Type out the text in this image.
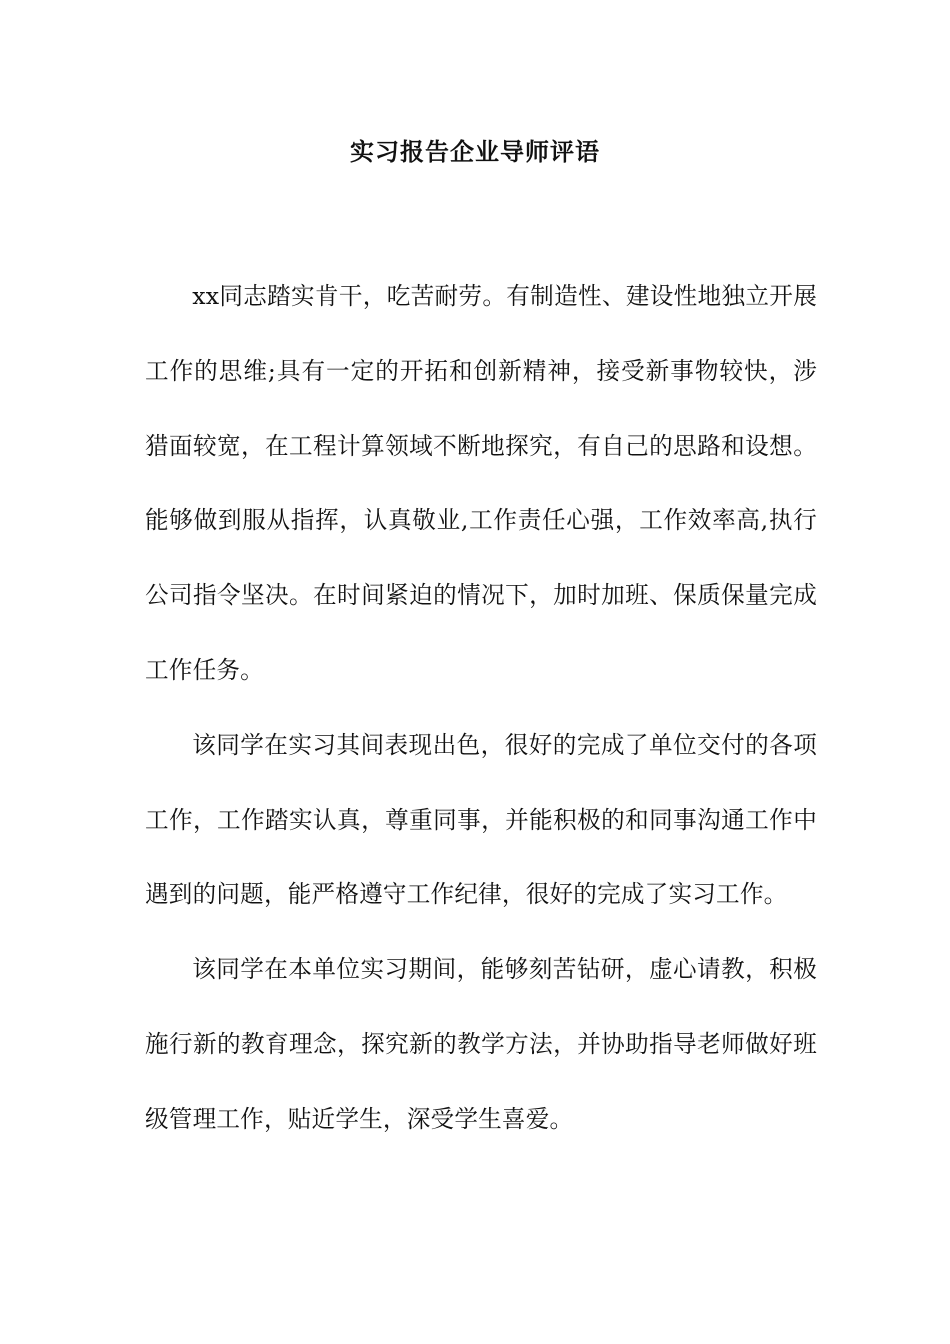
实习报告企业导师评语

xx同志踏实肯干，吃苦耐劳。有制造性、建设性地独立开展工作的思维;具有一定的开拓和创新精神，接受新事物较快，涉猎面较宽，在工程计算领域不断地探究，有自己的思路和设想。能够做到服从指挥，认真敬业,工作责任心强，工作效率高,执行公司指令坚决。在时间紧迫的情况下，加时加班、保质保量完成工作任务。

该同学在实习其间表现出色，很好的完成了单位交付的各项工作，工作踏实认真，尊重同事，并能积极的和同事沟通工作中遇到的问题，能严格遵守工作纪律，很好的完成了实习工作。

该同学在本单位实习期间，能够刻苦钻研，虚心请教，积极施行新的教育理念，探究新的教学方法，并协助指导老师做好班级管理工作，贴近学生，深受学生喜爱。
